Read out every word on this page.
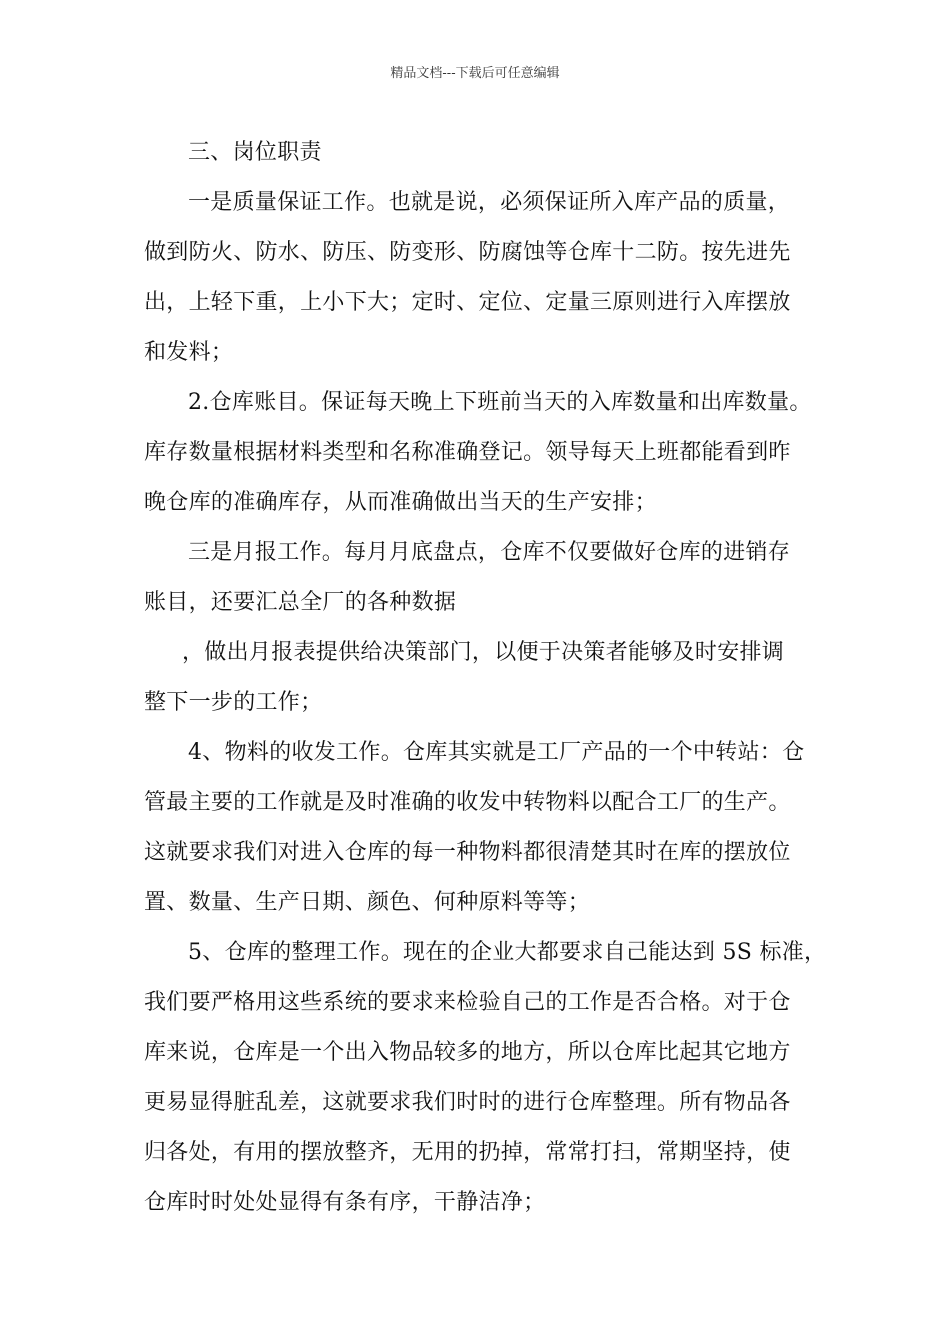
精品文档---下载后可任意编辑
三、岗位职责
一是质量保证工作。也就是说，必须保证所入库产品的质量，
做到防火、防水、防压、防变形、防腐蚀等仓库十二防。按先进先
出，上轻下重，上小下大；定时、定位、定量三原则进行入库摆放
和发料；
2.仓库账目。保证每天晚上下班前当天的入库数量和出库数量。
库存数量根据材料类型和名称准确登记。领导每天上班都能看到昨
晚仓库的准确库存，从而准确做出当天的生产安排；
三是月报工作。每月月底盘点，仓库不仅要做好仓库的进销存
账目，还要汇总全厂的各种数据
，做出月报表提供给决策部门，以便于决策者能够及时安排调
整下一步的工作；
4、物料的收发工作。仓库其实就是工厂产品的一个中转站：仓
管最主要的工作就是及时准确的收发中转物料以配合工厂的生产。
这就要求我们对进入仓库的每一种物料都很清楚其时在库的摆放位
置、数量、生产日期、颜色、何种原料等等；
5、仓库的整理工作。现在的企业大都要求自己能达到 5S 标准，
我们要严格用这些系统的要求来检验自己的工作是否合格。对于仓
库来说，仓库是一个出入物品较多的地方，所以仓库比起其它地方
更易显得脏乱差，这就要求我们时时的进行仓库整理。所有物品各
归各处，有用的摆放整齐，无用的扔掉，常常打扫，常期坚持，使
仓库时时处处显得有条有序，干静洁净；
